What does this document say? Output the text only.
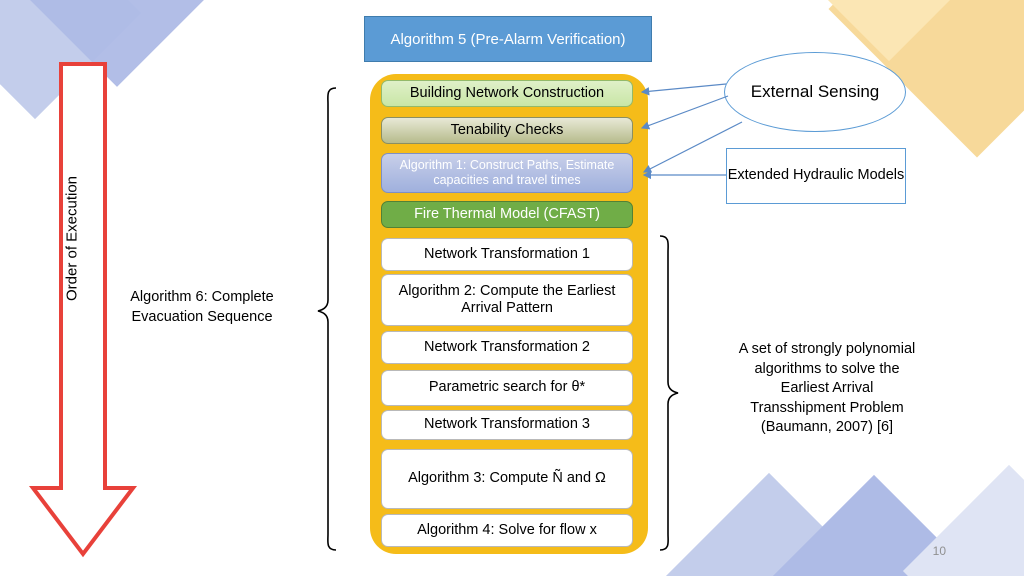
Order of Execution
Algorithm 5 (Pre-Alarm Verification)
Building Network Construction
Tenability Checks
Algorithm 1: Construct Paths, Estimate capacities and travel times
Fire Thermal Model (CFAST)
Network Transformation 1
Algorithm 2: Compute the Earliest Arrival Pattern
Network Transformation 2
Parametric search for θ*
Network Transformation 3
Algorithm 3: Compute Ñ and Ω
Algorithm 4: Solve for flow x
External Sensing
Extended Hydraulic Models
Algorithm 6: Complete Evacuation Sequence
A set of strongly polynomial algorithms to solve the Earliest Arrival Transshipment Problem (Baumann, 2007) [6]
10
